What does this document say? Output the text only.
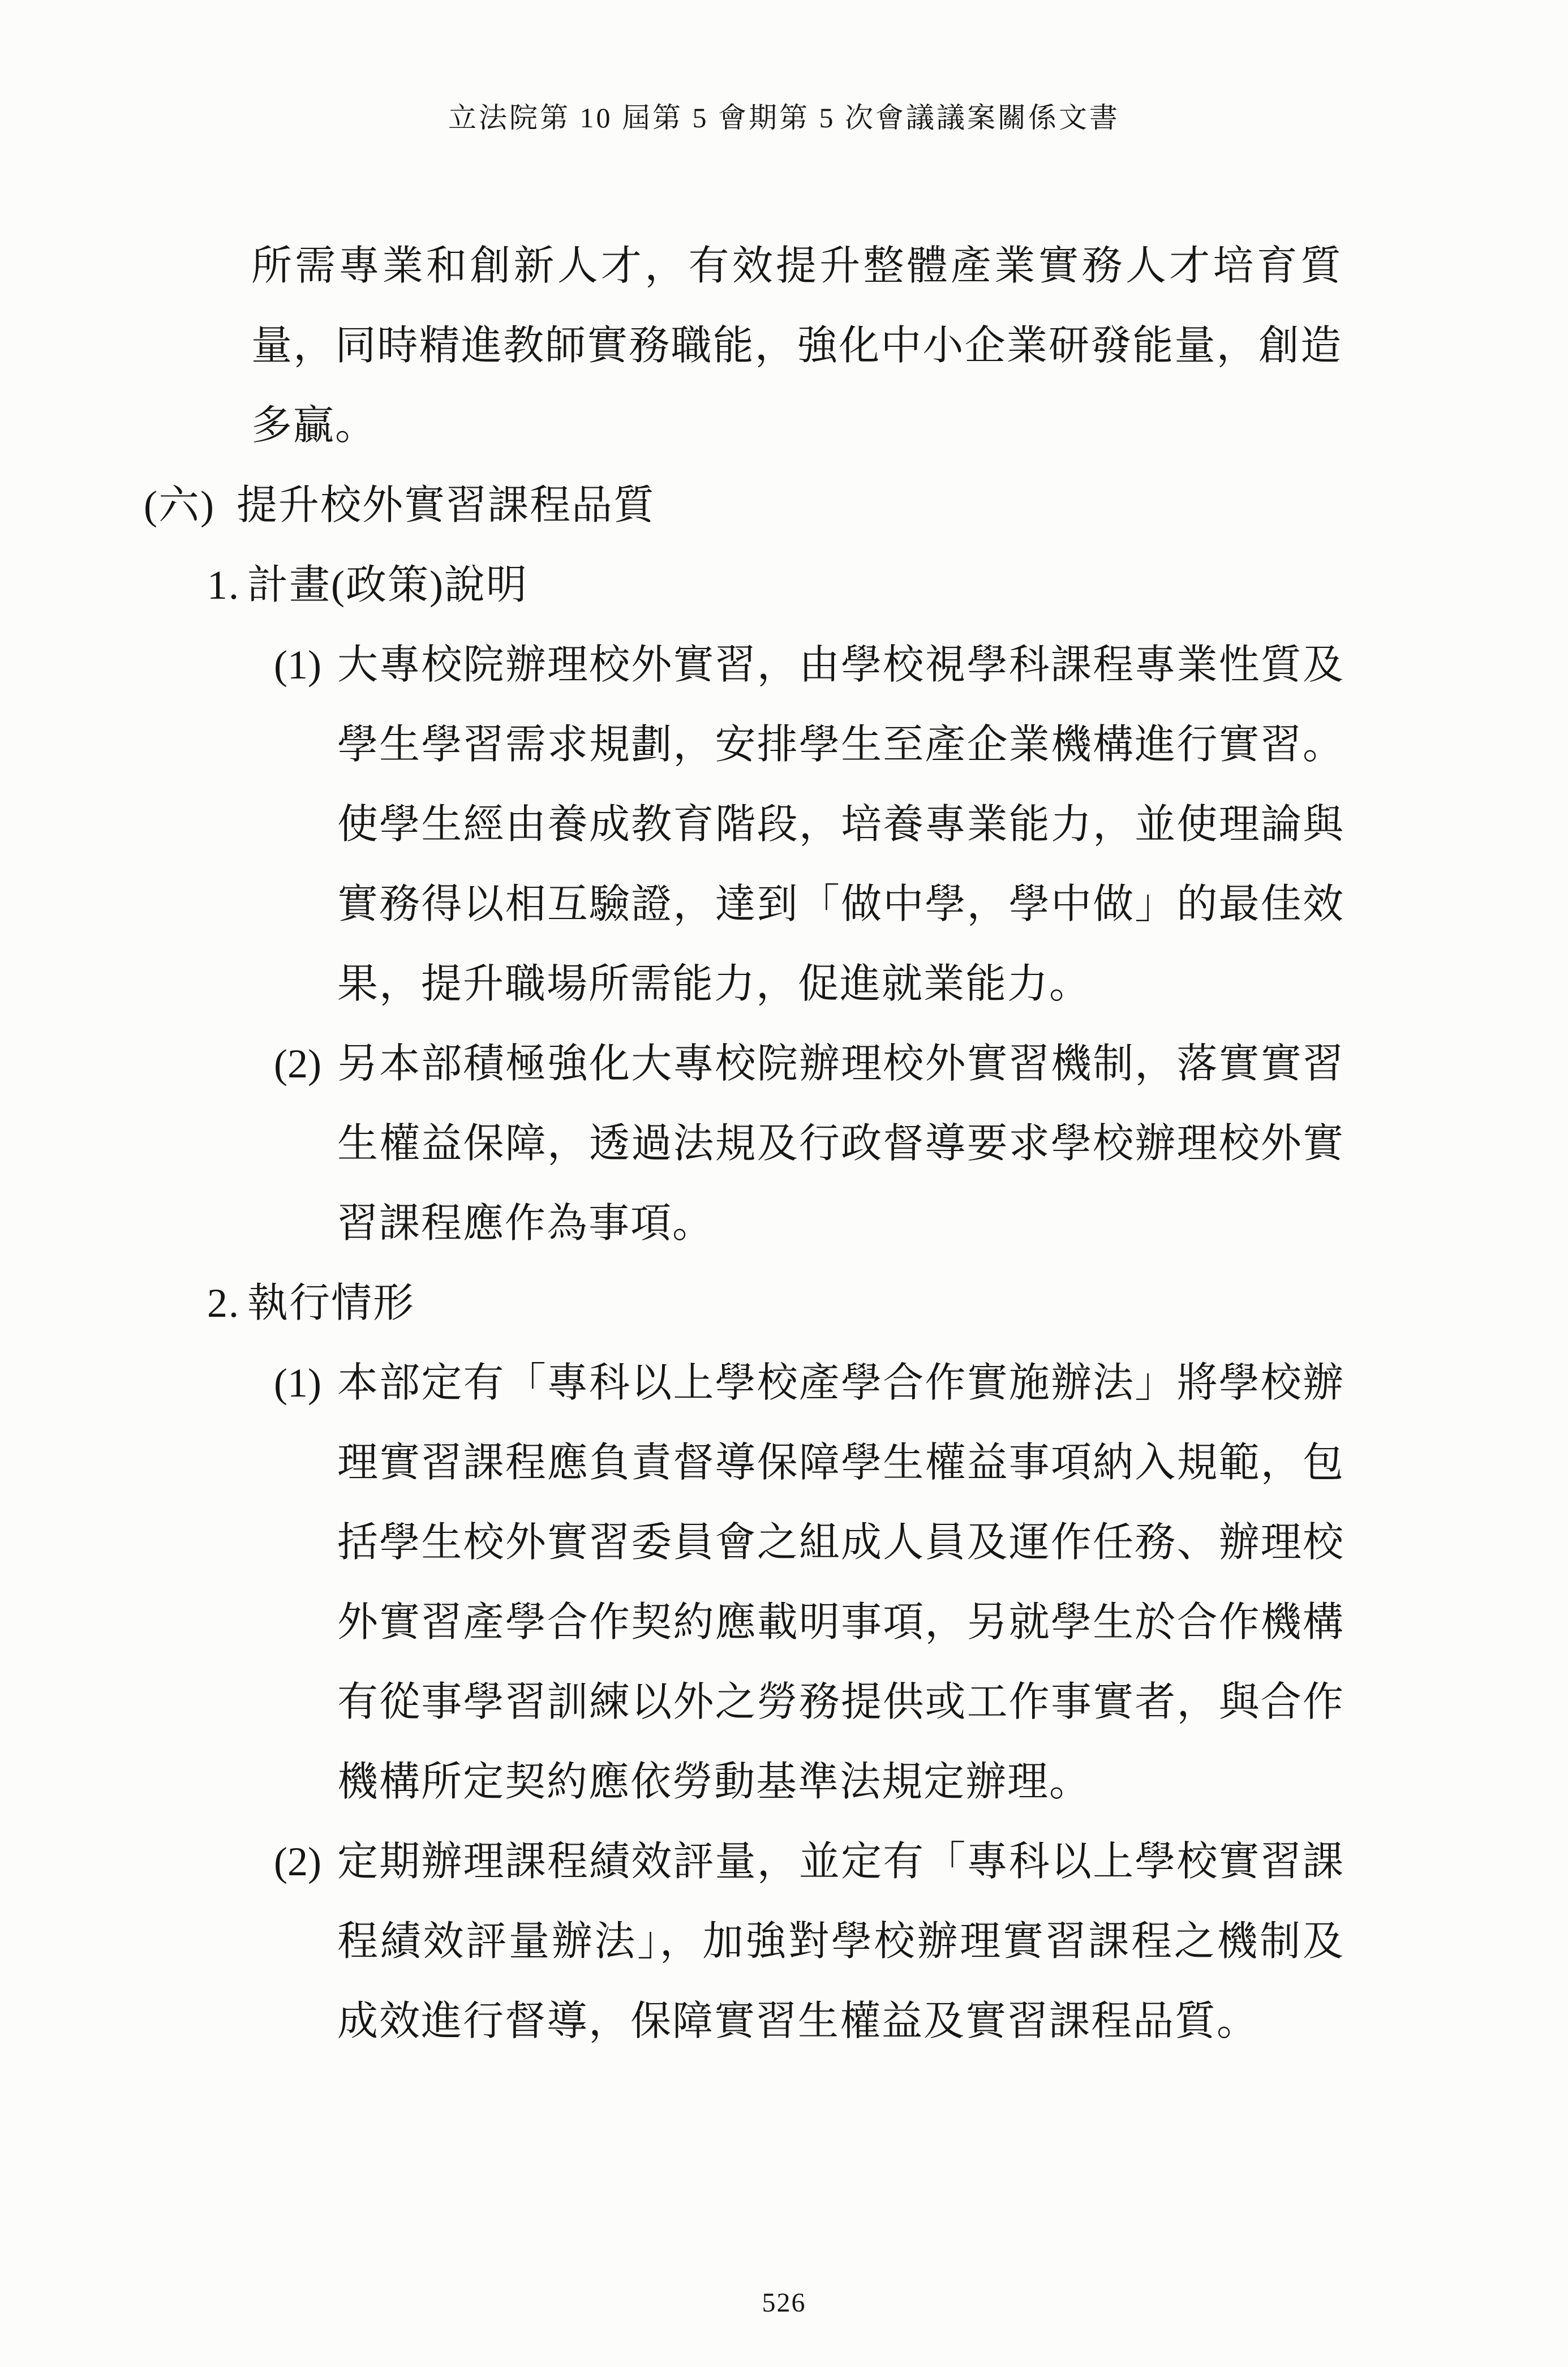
立法院第 10 屆第 5 會期第 5 次會議議案關係文書
所需專業和創新人才，有效提升整體產業實務人才培育質量，同時精進教師實務職能，強化中小企業研發能量，創造多贏。
(六) 提升校外實習課程品質
1. 計畫(政策)說明
(1) 大專校院辦理校外實習，由學校視學科課程專業性質及學生學習需求規劃，安排學生至產企業機構進行實習。使學生經由養成教育階段，培養專業能力，並使理論與實務得以相互驗證，達到「做中學，學中做」的最佳效果，提升職場所需能力，促進就業能力。
(2) 另本部積極強化大專校院辦理校外實習機制，落實實習生權益保障，透過法規及行政督導要求學校辦理校外實習課程應作為事項。
2. 執行情形
(1) 本部定有「專科以上學校產學合作實施辦法」將學校辦理實習課程應負責督導保障學生權益事項納入規範，包括學生校外實習委員會之組成人員及運作任務、辦理校外實習產學合作契約應載明事項，另就學生於合作機構有從事學習訓練以外之勞務提供或工作事實者，與合作機構所定契約應依勞動基準法規定辦理。
(2) 定期辦理課程績效評量，並定有「專科以上學校實習課程績效評量辦法」，加強對學校辦理實習課程之機制及成效進行督導，保障實習生權益及實習課程品質。
526
